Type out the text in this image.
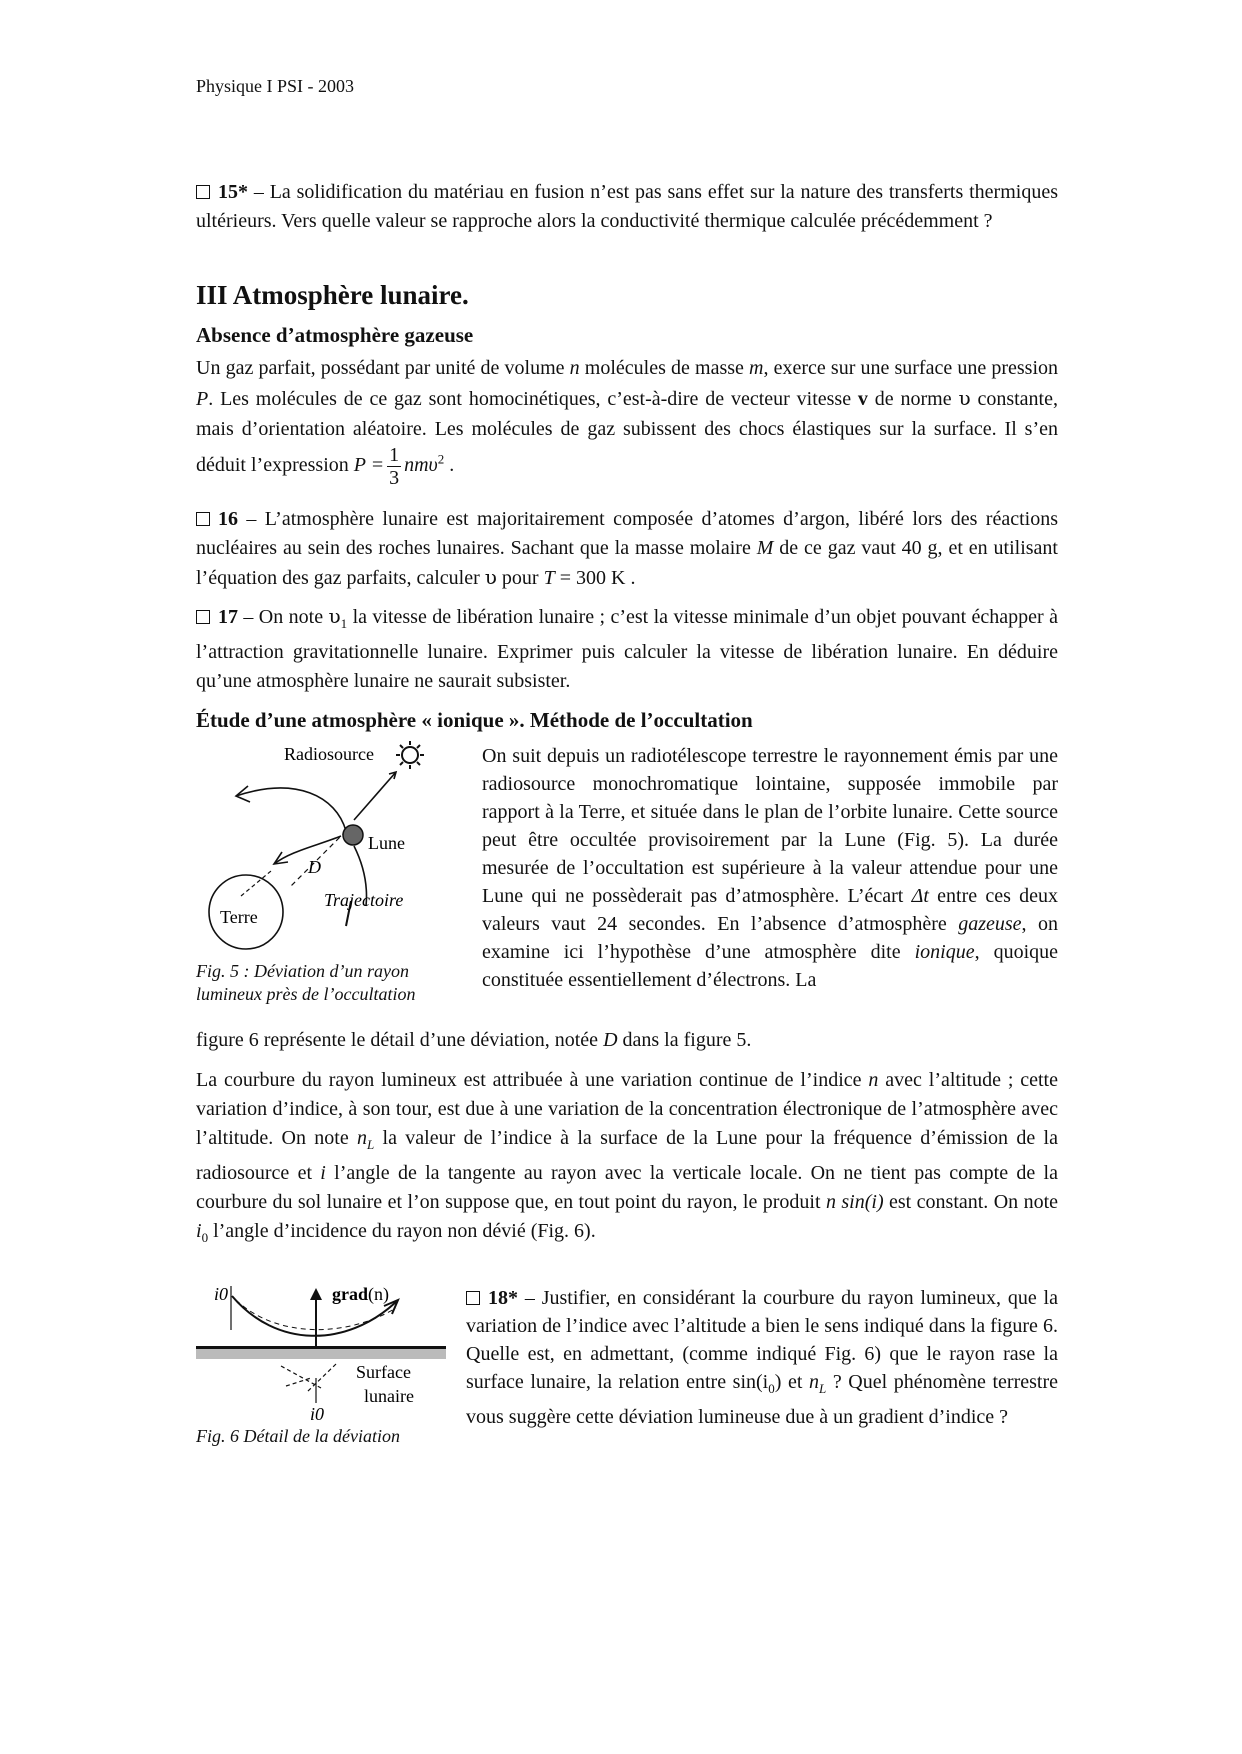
Physique I PSI - 2003
15* – La solidification du matériau en fusion n’est pas sans effet sur la nature des transferts thermiques ultérieurs. Vers quelle valeur se rapproche alors la conductivité thermique calculée précédemment ?
III Atmosphère lunaire.
Absence d’atmosphère gazeuse
Un gaz parfait, possédant par unité de volume n molécules de masse m, exerce sur une surface une pression P. Les molécules de ce gaz sont homocinétiques, c’est-à-dire de vecteur vitesse v de norme υ constante, mais d’orientation aléatoire. Les molécules de gaz subissent des chocs élastiques sur la surface. Il s’en déduit l’expression $P = \frac{1}{3} nm\upsilon^2$ .
16 – L’atmosphère lunaire est majoritairement composée d’atomes d’argon, libéré lors des réactions nucléaires au sein des roches lunaires. Sachant que la masse molaire M de ce gaz vaut 40 g, et en utilisant l’équation des gaz parfaits, calculer υ pour T = 300 K .
17 – On note $\upsilon_1$ la vitesse de libération lunaire ; c’est la vitesse minimale d’un objet pouvant échapper à l’attraction gravitationnelle lunaire. Exprimer puis calculer la vitesse de libération lunaire. En déduire qu’une atmosphère lunaire ne saurait subsister.
Étude d’une atmosphère « ionique ». Méthode de l’occultation
Radiosource
Lune
D
Terre
Trajectoire
Fig. 5 : Déviation d’un rayon
lumineux près de l’occultation
On suit depuis un radiotélescope terrestre le rayonnement émis par une radiosource monochromatique lointaine, supposée immobile par rapport à la Terre, et située dans le plan de l’orbite lunaire. Cette source peut être occultée provisoirement par la Lune (Fig. 5). La durée mesurée de l’occultation est supérieure à la valeur attendue pour une Lune qui ne possèderait pas d’atmosphère. L’écart Δt entre ces deux valeurs vaut 24 secondes. En l’absence d’atmosphère gazeuse, on examine ici l’hypothèse d’une atmosphère dite ionique, quoique constituée essentiellement d’électrons. La
figure 6 représente le détail d’une déviation, notée D dans la figure 5.
La courbure du rayon lumineux est attribuée à une variation continue de l’indice n avec l’altitude ; cette variation d’indice, à son tour, est due à une variation de la concentration électronique de l’atmosphère avec l’altitude. On note $n_L$ la valeur de l’indice à la surface de la Lune pour la fréquence d’émission de la radiosource et i l’angle de la tangente au rayon avec la verticale locale. On ne tient pas compte de la courbure du sol lunaire et l’on suppose que, en tout point du rayon, le produit n sin(i) est constant. On note $i_0$ l’angle d’incidence du rayon non dévié (Fig. 6).
i0	grad(n)
Surface
lunaire
i0
Fig. 6 Détail de la déviation
18* – Justifier, en considérant la courbure du rayon lumineux, que la variation de l’indice avec l’altitude a bien le sens indiqué dans la figure 6. Quelle est, en admettant, (comme indiqué Fig. 6) que le rayon rase la surface lunaire, la relation entre $\sin(i_0)$ et $n_L$ ? Quel phénomène terrestre vous suggère cette déviation lumineuse due à un gradient d’indice ?
